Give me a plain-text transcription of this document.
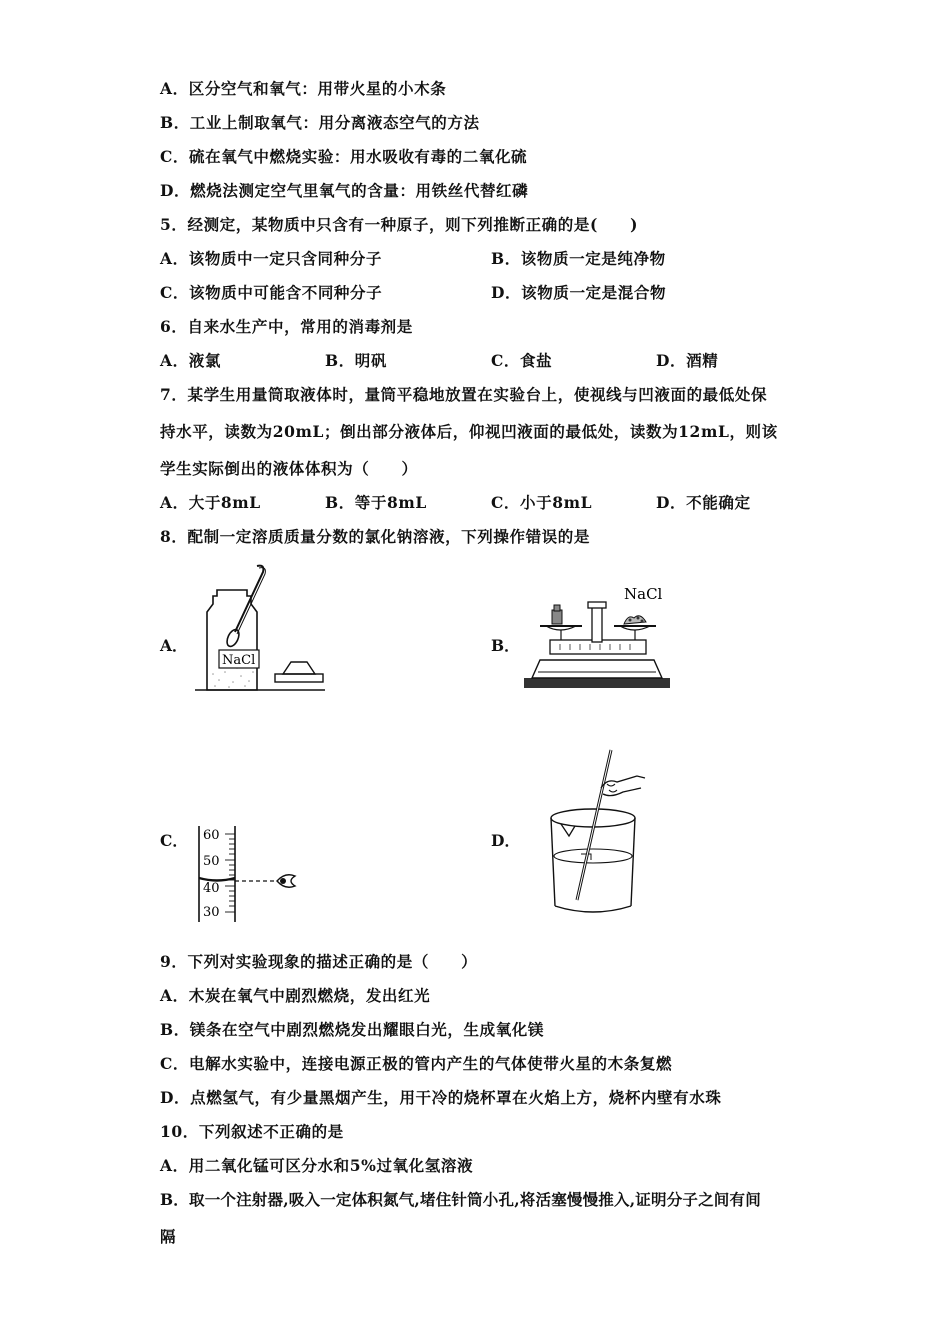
A．区分空气和氧气：用带火星的小木条
B．工业上制取氧气：用分离液态空气的方法
C．硫在氧气中燃烧实验：用水吸收有毒的二氧化硫
D．燃烧法测定空气里氧气的含量：用铁丝代替红磷
5．经测定，某物质中只含有一种原子，则下列推断正确的是(　　)
A．该物质中一定只含同种分子	B．该物质一定是纯净物
C．该物质中可能含不同种分子	D．该物质一定是混合物
6．自来水生产中，常用的消毒剂是
A．液氯	B．明矾	C．食盐	D．酒精
7．某学生用量筒取液体时，量筒平稳地放置在实验台上，使视线与凹液面的最低处保
持水平，读数为20mL；倒出部分液体后，仰视凹液面的最低处，读数为12mL，则该
学生实际倒出的液体体积为（　　）
A．大于8mL	B．等于8mL	C．小于8mL	D．不能确定
8．配制一定溶质质量分数的氯化钠溶液，下列操作错误的是
A．	B．
C．	D．
NaCl
NaCl
60
50
40
30
9．下列对实验现象的描述正确的是（　　）
A．木炭在氧气中剧烈燃烧，发出红光
B．镁条在空气中剧烈燃烧发出耀眼白光，生成氧化镁
C．电解水实验中，连接电源正极的管内产生的气体使带火星的木条复燃
D．点燃氢气，有少量黑烟产生，用干冷的烧杯罩在火焰上方，烧杯内壁有水珠
10．下列叙述不正确的是
A．用二氧化锰可区分水和5%过氧化氢溶液
B．取一个注射器,吸入一定体积氮气,堵住针筒小孔,将活塞慢慢推入,证明分子之间有间
隔
